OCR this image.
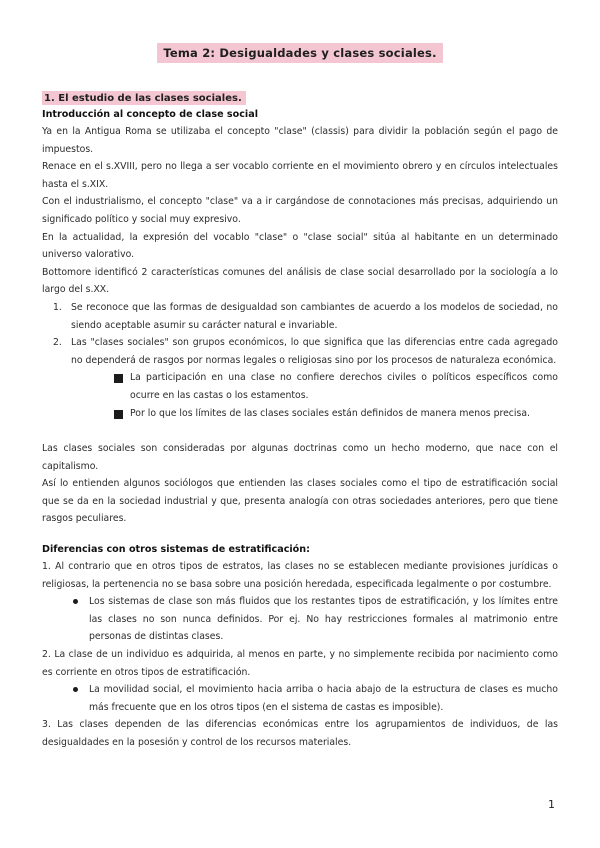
Tema 2: Desigualdades y clases sociales.
1. El estudio de las clases sociales.
Introducción al concepto de clase social

Ya en la Antigua Roma se utilizaba el concepto "clase" (classis) para dividir la población según el pago de impuestos.

Renace en el s.XVIII, pero no llega a ser vocablo corriente en el movimiento obrero y en círculos intelectuales hasta el s.XIX.

Con el industrialismo, el concepto "clase" va a ir cargándose de connotaciones más precisas, adquiriendo un significado político y social muy expresivo.

En la actualidad, la expresión del vocablo "clase" o "clase social" sitúa al habitante en un determinado universo valorativo.

Bottomore identificó 2 características comunes del análisis de clase social desarrollado por la sociología a lo largo del s.XX.

1. Se reconoce que las formas de desigualdad son cambiantes de acuerdo a los modelos de sociedad, no siendo aceptable asumir su carácter natural e invariable.
2. Las "clases sociales" son grupos económicos, lo que significa que las diferencias entre cada agregado no dependerá de rasgos por normas legales o religiosas sino por los procesos de naturaleza económica.
La participación en una clase no confiere derechos civiles o políticos específicos como ocurre en las castas o los estamentos.
Por lo que los límites de las clases sociales están definidos de manera menos precisa.

Las clases sociales son consideradas por algunas doctrinas como un hecho moderno, que nace con el capitalismo.

Así lo entienden algunos sociólogos que entienden las clases sociales como el tipo de estratificación social que se da en la sociedad industrial y que, presenta analogía con otras sociedades anteriores, pero que tiene rasgos peculiares.

Diferencias con otros sistemas de estratificación:

1. Al contrario que en otros tipos de estratos, las clases no se establecen mediante provisiones jurídicas o religiosas, la pertenencia no se basa sobre una posición heredada, especificada legalmente o por costumbre.

Los sistemas de clase son más fluidos que los restantes tipos de estratificación, y los límites entre las clases no son nunca definidos. Por ej. No hay restricciones formales al matrimonio entre personas de distintas clases.

2. La clase de un individuo es adquirida, al menos en parte, y no simplemente recibida por nacimiento como es corriente en otros tipos de estratificación.

La movilidad social, el movimiento hacia arriba o hacia abajo de la estructura de clases es mucho más frecuente que en los otros tipos (en el sistema de castas es imposible).

3. Las clases dependen de las diferencias económicas entre los agrupamientos de individuos, de las desigualdades en la posesión y control de los recursos materiales.

1
